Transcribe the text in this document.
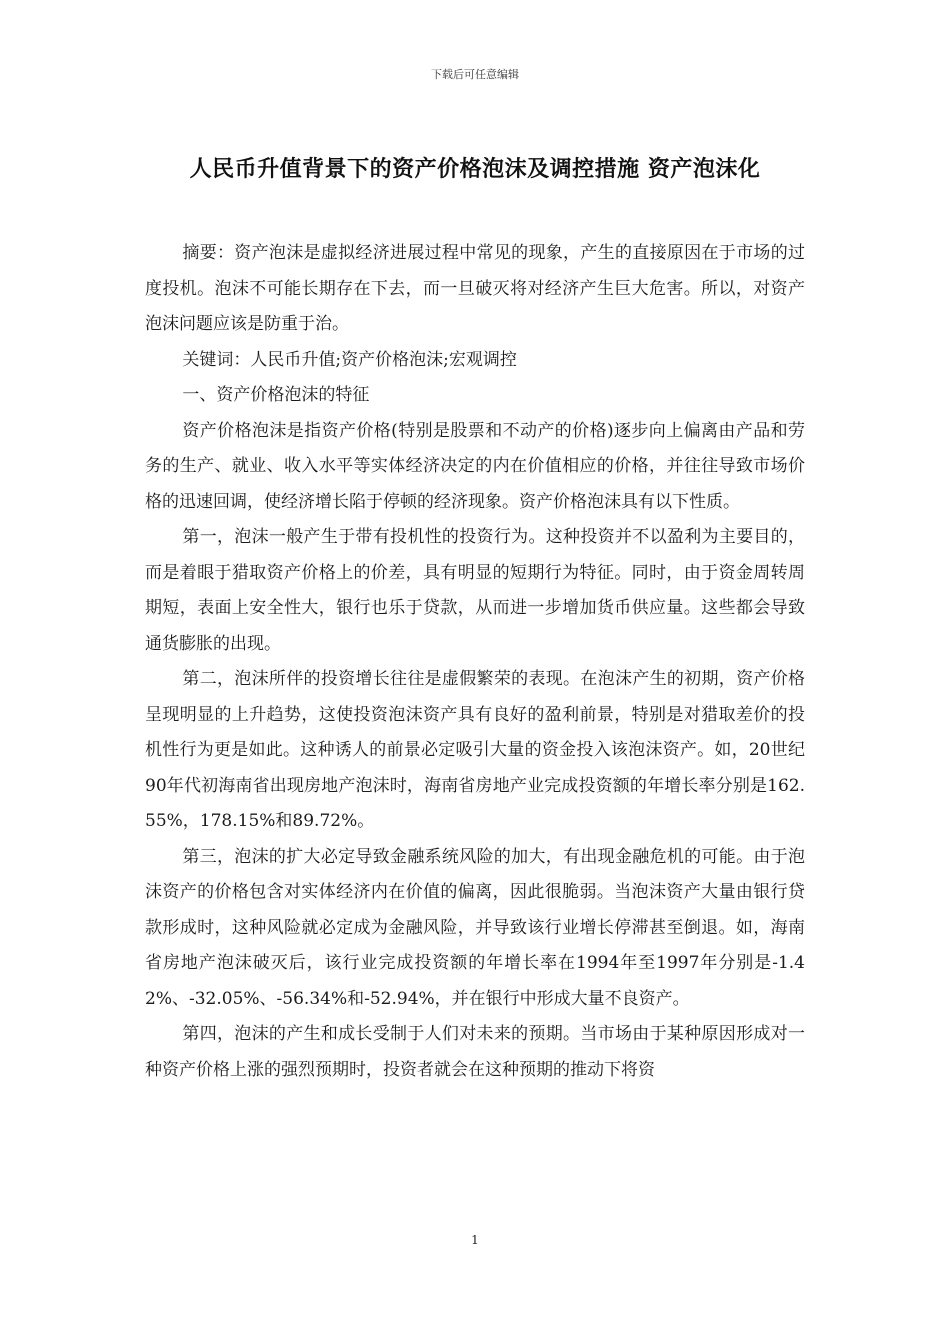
下载后可任意编辑
人民币升值背景下的资产价格泡沫及调控措施 资产泡沫化

摘要：资产泡沫是虚拟经济进展过程中常见的现象，产生的直接原因在于市场的过度投机。泡沫不可能长期存在下去，而一旦破灭将对经济产生巨大危害。所以，对资产泡沫问题应该是防重于治。

关键词：人民币升值;资产价格泡沫;宏观调控

一、资产价格泡沫的特征

资产价格泡沫是指资产价格(特别是股票和不动产的价格)逐步向上偏离由产品和劳务的生产、就业、收入水平等实体经济决定的内在价值相应的价格，并往往导致市场价格的迅速回调，使经济增长陷于停顿的经济现象。资产价格泡沫具有以下性质。

第一，泡沫一般产生于带有投机性的投资行为。这种投资并不以盈利为主要目的，而是着眼于猎取资产价格上的价差，具有明显的短期行为特征。同时，由于资金周转周期短，表面上安全性大，银行也乐于贷款，从而进一步增加货币供应量。这些都会导致通货膨胀的出现。

第二，泡沫所伴的投资增长往往是虚假繁荣的表现。在泡沫产生的初期，资产价格呈现明显的上升趋势，这使投资泡沫资产具有良好的盈利前景，特别是对猎取差价的投机性行为更是如此。这种诱人的前景必定吸引大量的资金投入该泡沫资产。如，20世纪90年代初海南省出现房地产泡沫时，海南省房地产业完成投资额的年增长率分别是162.55%，178.15%和89.72%。

第三，泡沫的扩大必定导致金融系统风险的加大，有出现金融危机的可能。由于泡沫资产的价格包含对实体经济内在价值的偏离，因此很脆弱。当泡沫资产大量由银行贷款形成时，这种风险就必定成为金融风险，并导致该行业增长停滞甚至倒退。如，海南省房地产泡沫破灭后，该行业完成投资额的年增长率在1994年至1997年分别是-1.42%、-32.05%、-56.34%和-52.94%，并在银行中形成大量不良资产。

第四，泡沫的产生和成长受制于人们对未来的预期。当市场由于某种原因形成对一种资产价格上涨的强烈预期时，投资者就会在这种预期的推动下将资

1
